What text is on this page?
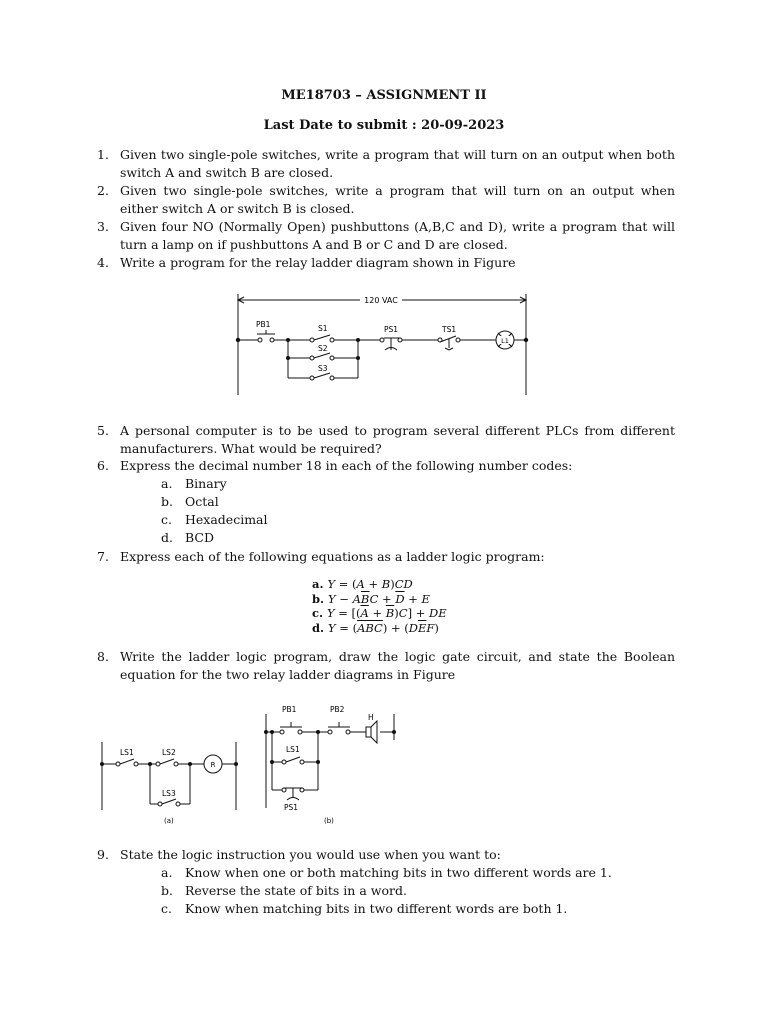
ME18703 – ASSIGNMENT II
Last Date to submit : 20-09-2023
1. Given two single-pole switches, write a program that will turn on an output when both switch A and switch B are closed.
2. Given two single-pole switches, write a program that will turn on an output when either switch A or switch B is closed.
3. Given four NO (Normally Open) pushbuttons (A,B,C and D), write a program that will turn a lamp on if pushbuttons A and B or C and D are closed.
4. Write a program for the relay ladder diagram shown in Figure
120 VAC
PB1	S1
S2
S3
PS1	TS1
L1
5. A personal computer is to be used to program several different PLCs from different manufacturers. What would be required?
6. Express the decimal number 18 in each of the following number codes:
a. Binary
b. Octal
c. Hexadecimal
d. BCD
7. Express each of the following equations as a ladder logic program:
a. Y = (A + B)CD
b. $Y - A\overline{B}C + \overline{D} + E$
c. $Y = [(\overline{A} + \overline{B})C]$ + DE
d. $Y = (\overline{ABC}) + (D\overline{E}F)$
8. Write the ladder logic program, draw the logic gate circuit, and state the Boolean equation for the two relay ladder diagrams in Figure
LS1	LS2
LS3
R
(a)
PB1	PB2
H
LS1
PS1
(b)
9. State the logic instruction you would use when you want to:
a. Know when one or both matching bits in two different words are 1.
b. Reverse the state of bits in a word.
c. Know when matching bits in two different words are both 1.
